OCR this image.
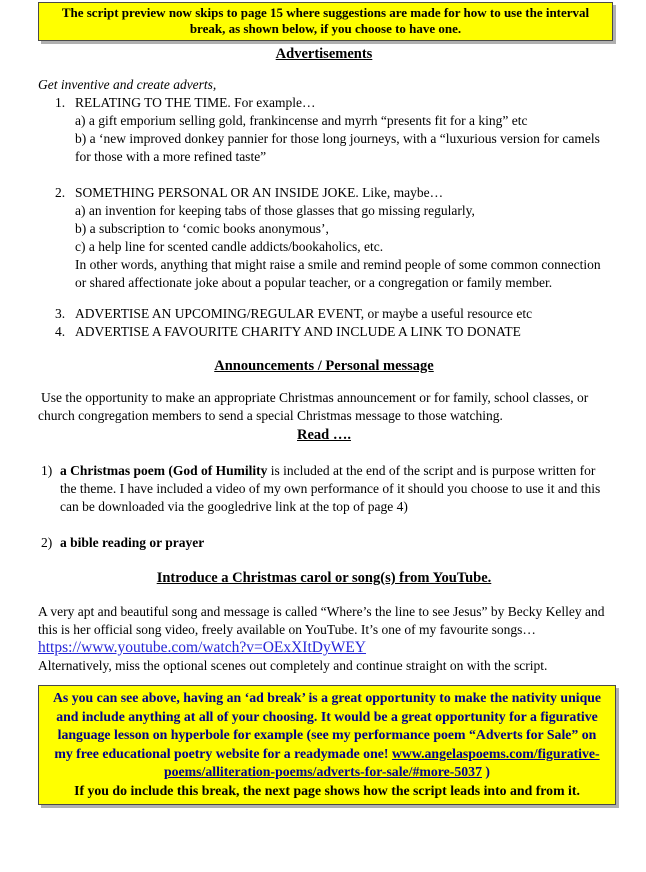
The script preview now skips to page 15 where suggestions are made for how to use the interval break, as shown below, if you choose to have one.
Advertisements
Get inventive and create adverts,
1. RELATING TO THE TIME. For example…
a) a gift emporium selling gold, frankincense and myrrh “presents fit for a king” etc
b) a ‘new improved donkey pannier for those long journeys, with a “luxurious version for camels for those with a more refined taste”
2. SOMETHING PERSONAL OR AN INSIDE JOKE. Like, maybe…
a) an invention for keeping tabs of those glasses that go missing regularly,
b) a subscription to ‘comic books anonymous’,
c) a help line for scented candle addicts/bookaholics, etc.
In other words, anything that might raise a smile and remind people of some common connection or shared affectionate joke about a popular teacher, or a congregation or family member.
3. ADVERTISE AN UPCOMING/REGULAR EVENT, or maybe a useful resource etc
4. ADVERTISE A FAVOURITE CHARITY AND INCLUDE A LINK TO DONATE
Announcements / Personal message
Use the opportunity to make an appropriate Christmas announcement or for family, school classes, or church congregation members to send a special Christmas message to those watching.
Read ….
1) a Christmas poem (God of Humility is included at the end of the script and is purpose written for the theme. I have included a video of my own performance of it should you choose to use it and this can be downloaded via the googledrive link at the top of page 4)
2) a bible reading or prayer
Introduce a Christmas carol or song(s) from YouTube.
A very apt and beautiful song and message is called “Where’s the line to see Jesus” by Becky Kelley and this is her official song video, freely available on YouTube. It’s one of my favourite songs… https://www.youtube.com/watch?v=OExXItDyWEY
Alternatively, miss the optional scenes out completely and continue straight on with the script.
As you can see above, having an ‘ad break’ is a great opportunity to make the nativity unique and include anything at all of your choosing. It would be a great opportunity for a figurative language lesson on hyperbole for example (see my performance poem “Adverts for Sale” on my free educational poetry website for a readymade one! www.angelaspoems.com/figurative-poems/alliteration-poems/adverts-for-sale/#more-5037 )
If you do include this break, the next page shows how the script leads into and from it.
